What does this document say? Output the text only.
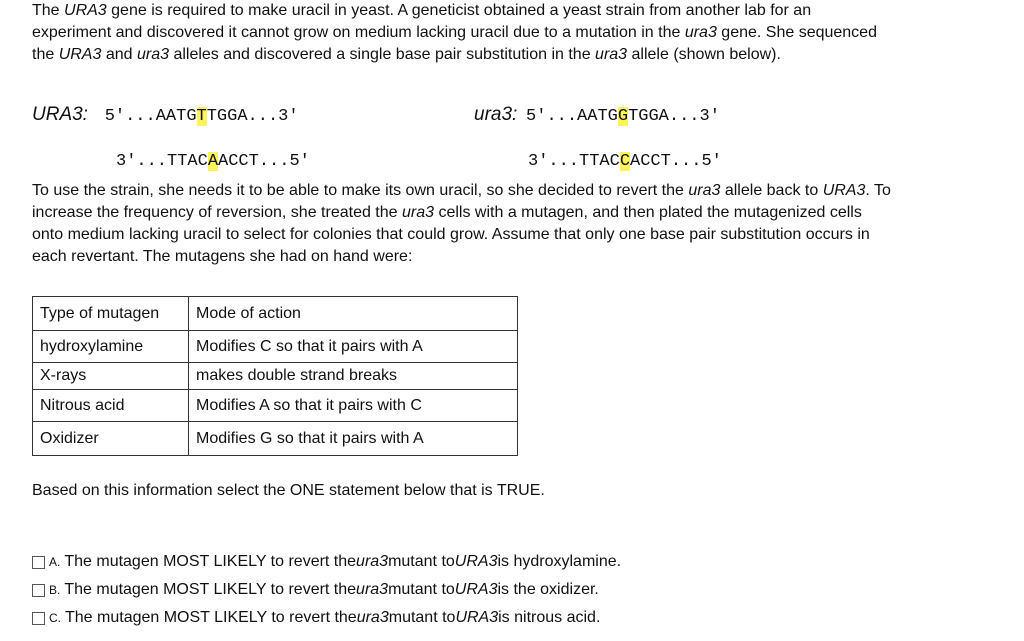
The URA3 gene is required to make uracil in yeast. A geneticist obtained a yeast strain from another lab for an experiment and discovered it cannot grow on medium lacking uracil due to a mutation in the ura3 gene. She sequenced the URA3 and ura3 alleles and discovered a single base pair substitution in the ura3 allele (shown below).
URA3: 5'...AATGTTGGA...3'	ura3: 5'...AATGGTGGA...3'
3'...TTACAACCT...5'	3'...TTACCACCT...5'
To use the strain, she needs it to be able to make its own uracil, so she decided to revert the ura3 allele back to URA3. To increase the frequency of reversion, she treated the ura3 cells with a mutagen, and then plated the mutagenized cells onto medium lacking uracil to select for colonies that could grow. Assume that only one base pair substitution occurs in each revertant. The mutagens she had on hand were:
Type of mutagen	Mode of action
hydroxylamine	Modifies C so that it pairs with A
X-rays	makes double strand breaks
Nitrous acid	Modifies A so that it pairs with C
Oxidizer	Modifies G so that it pairs with A
Based on this information select the ONE statement below that is TRUE.
A. The mutagen MOST LIKELY to revert the ura3 mutant to URA3 is hydroxylamine.
B. The mutagen MOST LIKELY to revert the ura3 mutant to URA3 is the oxidizer.
C. The mutagen MOST LIKELY to revert the ura3 mutant to URA3 is nitrous acid.
